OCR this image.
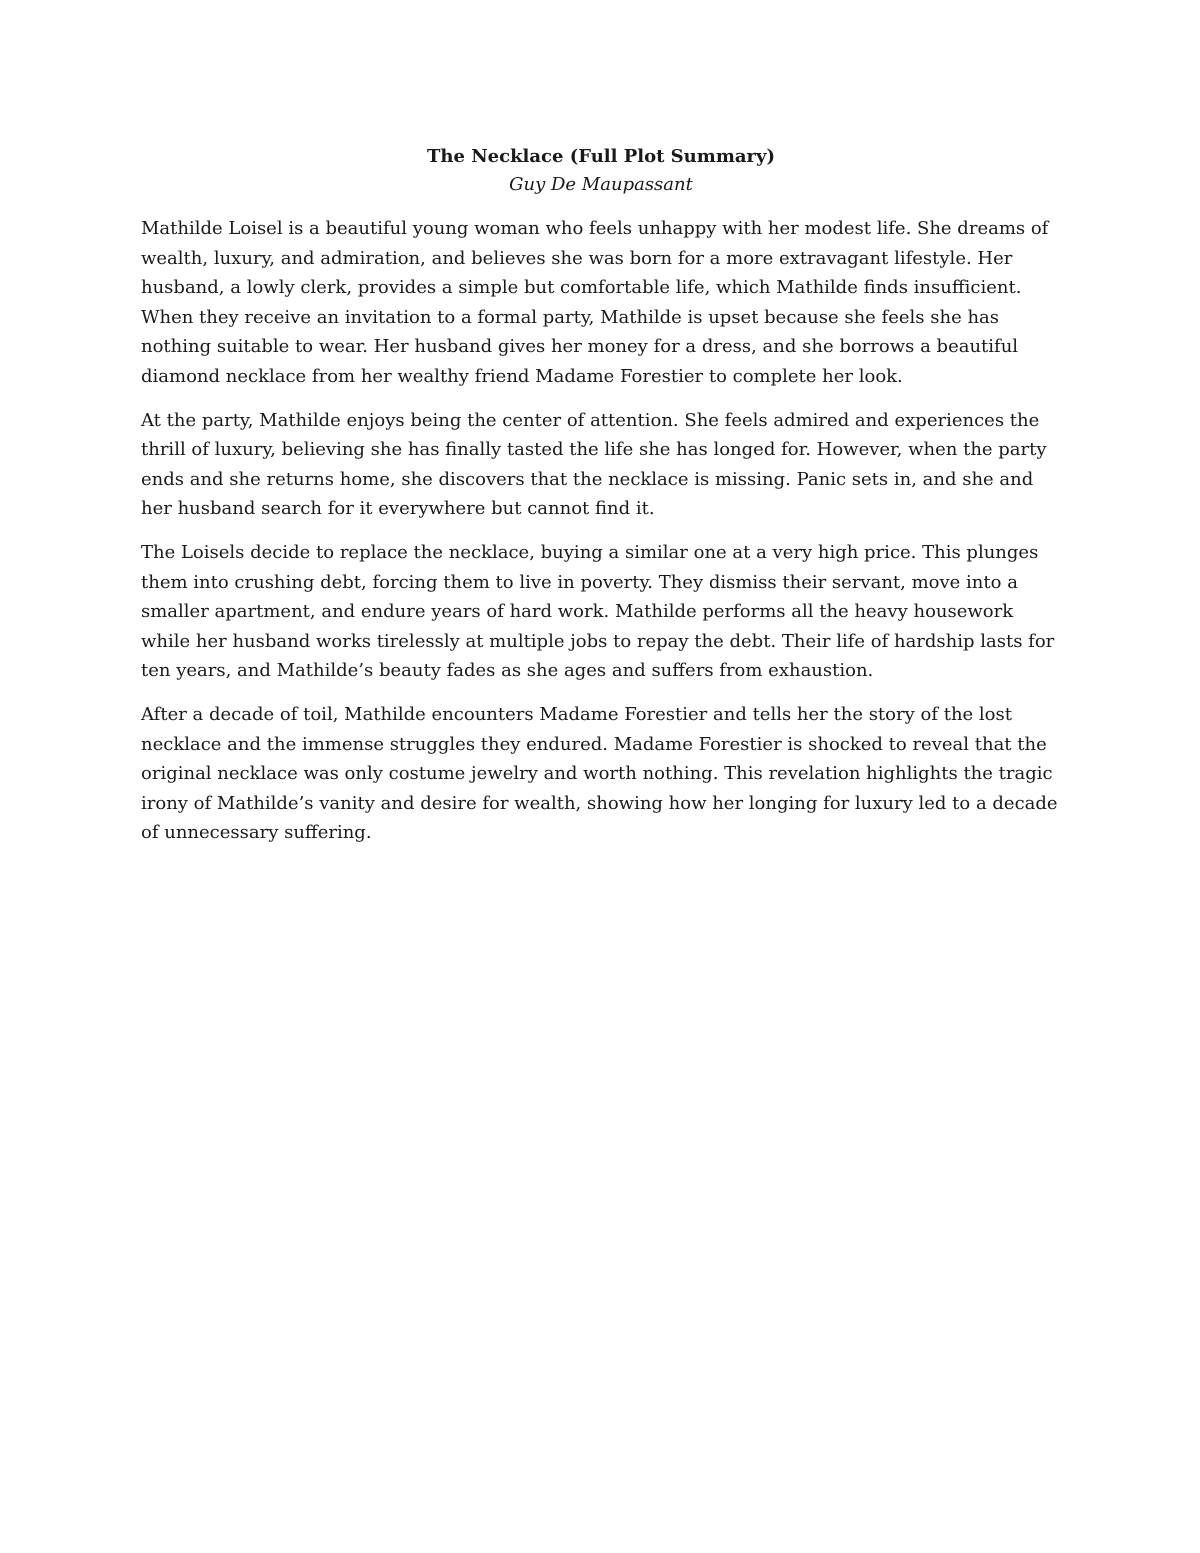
The Necklace (Full Plot Summary)

Guy De Maupassant

Mathilde Loisel is a beautiful young woman who feels unhappy with her modest life. She dreams of wealth, luxury, and admiration, and believes she was born for a more extravagant lifestyle. Her husband, a lowly clerk, provides a simple but comfortable life, which Mathilde finds insufficient. When they receive an invitation to a formal party, Mathilde is upset because she feels she has nothing suitable to wear. Her husband gives her money for a dress, and she borrows a beautiful diamond necklace from her wealthy friend Madame Forestier to complete her look.

At the party, Mathilde enjoys being the center of attention. She feels admired and experiences the thrill of luxury, believing she has finally tasted the life she has longed for. However, when the party ends and she returns home, she discovers that the necklace is missing. Panic sets in, and she and her husband search for it everywhere but cannot find it.

The Loisels decide to replace the necklace, buying a similar one at a very high price. This plunges them into crushing debt, forcing them to live in poverty. They dismiss their servant, move into a smaller apartment, and endure years of hard work. Mathilde performs all the heavy housework while her husband works tirelessly at multiple jobs to repay the debt. Their life of hardship lasts for ten years, and Mathilde’s beauty fades as she ages and suffers from exhaustion.

After a decade of toil, Mathilde encounters Madame Forestier and tells her the story of the lost necklace and the immense struggles they endured. Madame Forestier is shocked to reveal that the original necklace was only costume jewelry and worth nothing. This revelation highlights the tragic irony of Mathilde’s vanity and desire for wealth, showing how her longing for luxury led to a decade of unnecessary suffering.
